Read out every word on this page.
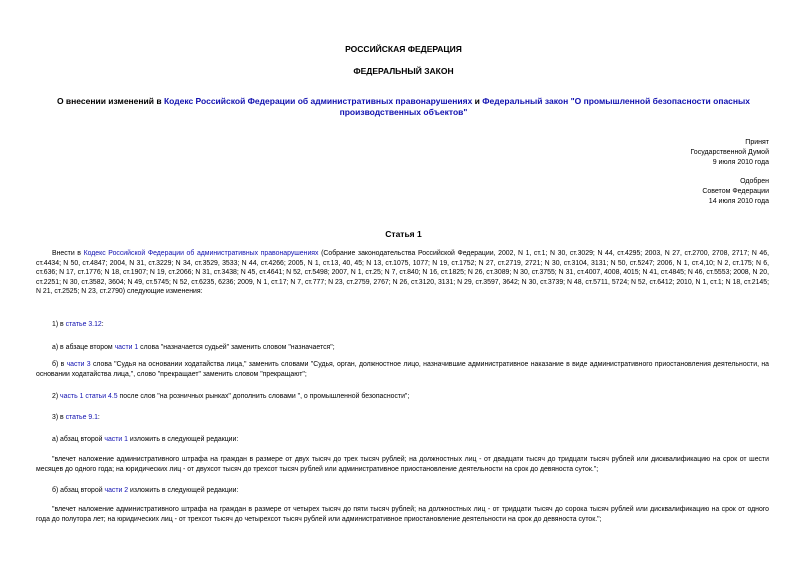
РОССИЙСКАЯ ФЕДЕРАЦИЯ
ФЕДЕРАЛЬНЫЙ ЗАКОН
О внесении изменений в Кодекс Российской Федерации об административных правонарушениях и Федеральный закон "О промышленной безопасности опасных производственных объектов"
Принят
Государственной Думой
9 июля 2010 года
Одобрен
Советом Федерации
14 июля 2010 года
Статья 1
Внести в Кодекс Российской Федерации об административных правонарушениях (Собрание законодательства Российской Федерации, 2002, N 1, ст.1; N 30, ст.3029; N 44, ст.4295; 2003, N 27, ст.2700, 2708, 2717; N 46, ст.4434; N 50, ст.4847; 2004, N 31, ст.3229; N 34, ст.3529, 3533; N 44, ст.4266; 2005, N 1, ст.13, 40, 45; N 13, ст.1075, 1077; N 19, ст.1752; N 27, ст.2719, 2721; N 30, ст.3104, 3131; N 50, ст.5247; 2006, N 1, ст.4,10; N 2, ст.175; N 6, ст.636; N 17, ст.1776; N 18, ст.1907; N 19, ст.2066; N 31, ст.3438; N 45, ст.4641; N 52, ст.5498; 2007, N 1, ст.25; N 7, ст.840; N 16, ст.1825; N 26, ст.3089; N 30, ст.3755; N 31, ст.4007, 4008, 4015; N 41, ст.4845; N 46, ст.5553; 2008, N 20, ст.2251; N 30, ст.3582, 3604; N 49, ст.5745; N 52, ст.6235, 6236; 2009, N 1, ст.17; N 7, ст.777; N 23, ст.2759, 2767; N 26, ст.3120, 3131; N 29, ст.3597, 3642; N 30, ст.3739; N 48, ст.5711, 5724; N 52, ст.6412; 2010, N 1, ст.1; N 18, ст.2145; N 21, ст.2525; N 23, ст.2790) следующие изменения:
1) в статье 3.12:
а) в абзаце втором части 1 слова "назначается судьей" заменить словом "назначается";
б) в части 3 слова "Судья на основании ходатайства лица," заменить словами "Судья, орган, должностное лицо, назначившие административное наказание в виде административного приостановления деятельности, на основании ходатайства лица,", слово "прекращает" заменить словом "прекращают";
2) часть 1 статьи 4.5 после слов "на розничных рынках" дополнить словами ", о промышленной безопасности";
3) в статье 9.1:
а) абзац второй части 1 изложить в следующей редакции:
"влечет наложение административного штрафа на граждан в размере от двух тысяч до трех тысяч рублей; на должностных лиц - от двадцати тысяч до тридцати тысяч рублей или дисквалификацию на срок от шести месяцев до одного года; на юридических лиц - от двухсот тысяч до трехсот тысяч рублей или административное приостановление деятельности на срок до девяноста суток.";
б) абзац второй части 2 изложить в следующей редакции:
"влечет наложение административного штрафа на граждан в размере от четырех тысяч до пяти тысяч рублей; на должностных лиц - от тридцати тысяч до сорока тысяч рублей или дисквалификацию на срок от одного года до полутора лет; на юридических лиц - от трехсот тысяч до четырехсот тысяч рублей или административное приостановление деятельности на срок до девяноста суток.";
